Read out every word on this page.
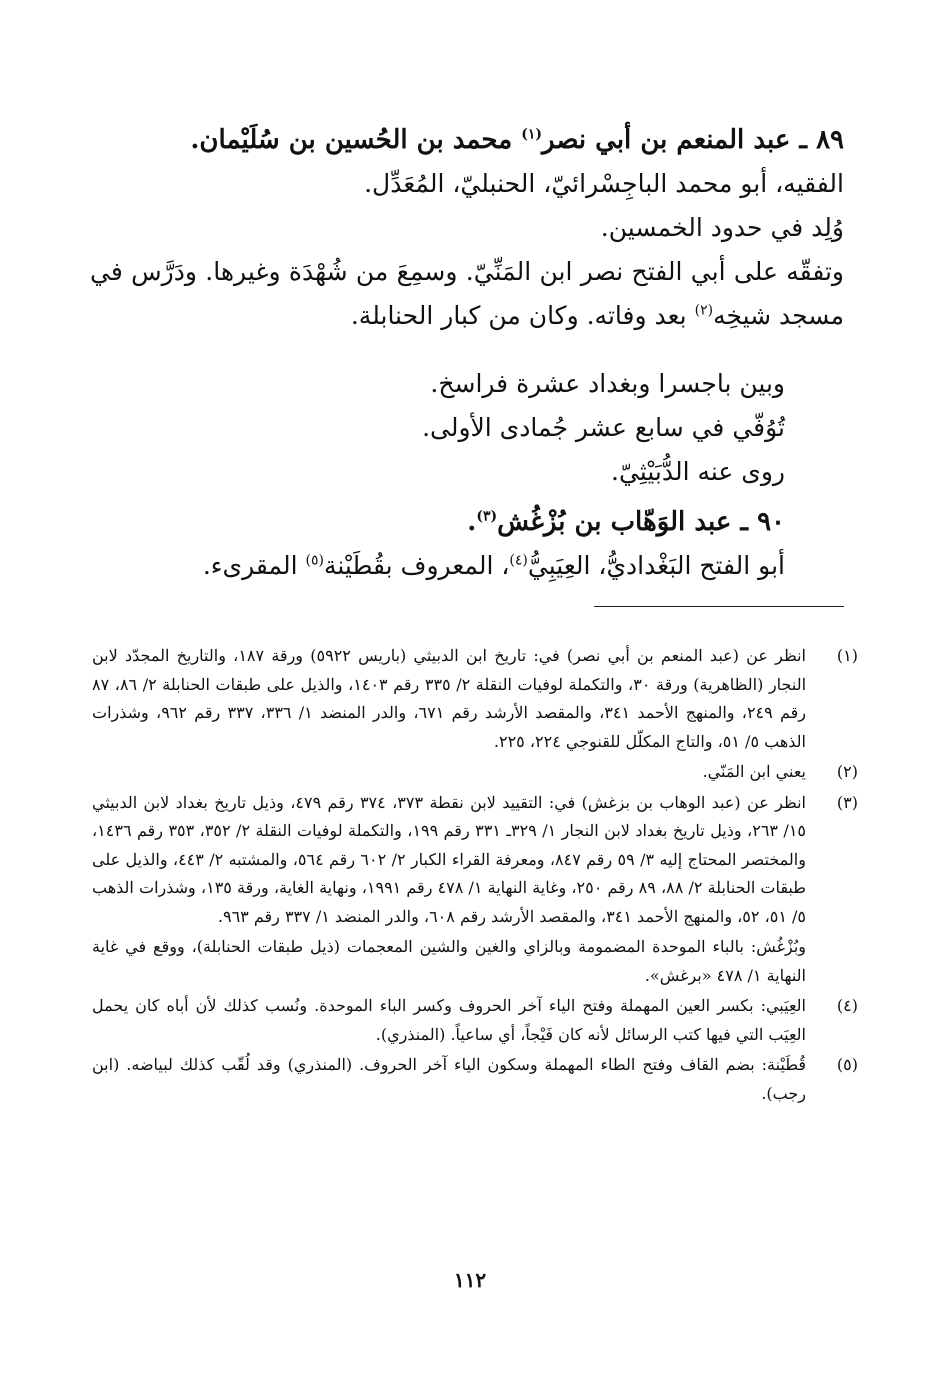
٨٩ ـ عبد المنعم بن أبي نصر$^{(١)}$ محمد بن الحُسين بن سُلَيْمان.

الفقيه، أبو محمد الباجِسْرائيّ، الحنبليّ، المُعَدِّل.

وُلِد في حدود الخمسين.

وتفقّه على أبي الفتح نصر ابن المَنِّيّ. وسمِعَ من شُهْدَة وغيرها. ودَرَّس في مسجد شيخِه$^{(٢)}$ بعد وفاته. وكان من كبار الحنابلة.

وبين باجسرا وبغداد عشرة فراسخ.

تُوُفّي في سابع عشر جُمادى الأولى.

روى عنه الدُّبَيْثِيّ.

٩٠ ـ عبد الوَهّاب بن بُزْغُش$^{(٣)}$.

أبو الفتح البَغْداديُّ، العِيَبِيُّ$^{(٤)}$، المعروف بقُطَيْنة$^{(٥)}$ المقرىء.

(١)
انظر عن (عبد المنعم بن أبي نصر) في: تاريخ ابن الدبيثي (باريس ٥٩٢٢) ورقة ١٨٧، والتاريخ المجدّد لابن النجار (الظاهرية) ورقة ٣٠، والتكملة لوفيات النقلة ٢/ ٣٣٥ رقم ١٤٠٣، والذيل على طبقات الحنابلة ٢/ ٨٦، ٨٧ رقم ٢٤٩، والمنهج الأحمد ٣٤١، والمقصد الأرشد رقم ٦٧١، والدر المنضد ١/ ٣٣٦، ٣٣٧ رقم ٩٦٢، وشذرات الذهب ٥/ ٥١، والتاج المكلّل للقنوجي ٢٢٤، ٢٢٥.
(٢)
يعني ابن المَنّي.
(٣)
انظر عن (عبد الوهاب بن بزغش) في: التقييد لابن نقطة ٣٧٣، ٣٧٤ رقم ٤٧٩، وذيل تاريخ بغداد لابن الدبيثي ١٥/ ٢٦٣، وذيل تاريخ بغداد لابن النجار ١/ ٣٢٩ـ ٣٣١ رقم ١٩٩، والتكملة لوفيات النقلة ٢/ ٣٥٢، ٣٥٣ رقم ١٤٣٦، والمختصر المحتاج إليه ٣/ ٥٩ رقم ٨٤٧، ومعرفة القراء الكبار ٢/ ٦٠٢ رقم ٥٦٤، والمشتبه ٢/ ٤٤٣، والذيل على طبقات الحنابلة ٢/ ٨٨، ٨٩ رقم ٢٥٠، وغاية النهاية ١/ ٤٧٨ رقم ١٩٩١، ونهاية الغاية، ورقة ١٣٥، وشذرات الذهب ٥/ ٥١، ٥٢، والمنهج الأحمد ٣٤١، والمقصد الأرشد رقم ٦٠٨، والدر المنضد ١/ ٣٣٧ رقم ٩٦٣.
وبُزْغُش: بالباء الموحدة المضمومة وبالزاي والغين والشين المعجمات (ذيل طبقات الحنابلة)، ووقع في غاية النهاية ١/ ٤٧٨ «برغش».
(٤)
العِيَبي: بكسر العين المهملة وفتح الياء آخر الحروف وكسر الباء الموحدة. ونُسب كذلك لأن أباه كان يحمل العِيَب التي فيها كتب الرسائل لأنه كان فَيْجاً، أي ساعياً. (المنذري).
(٥)
قُطَيْنة: بضم القاف وفتح الطاء المهملة وسكون الياء آخر الحروف. (المنذري) وقد لُقّب كذلك لبياضه. (ابن رجب).
١١٢
